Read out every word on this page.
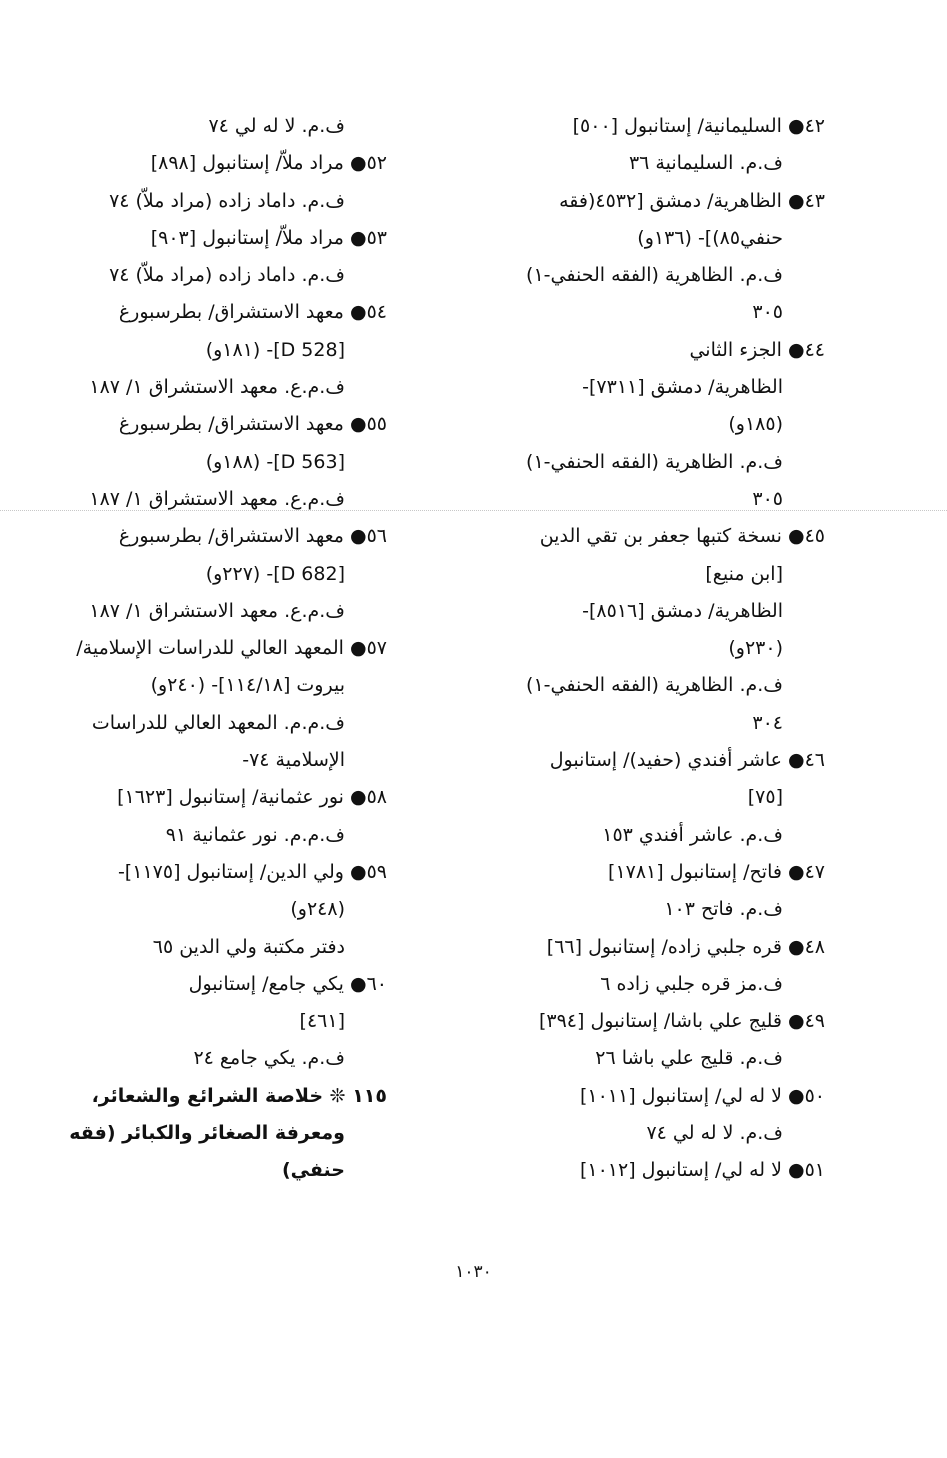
٤٢● السليمانية/ إستانبول [٥٠٠]
ف.م. السليمانية ٣٦
٤٣● الظاهرية/ دمشق [٤٥٣٢(فقه
حنفي٨٥)]- (١٣٦و)
ف.م. الظاهرية (الفقه الحنفي-١)
٣٠٥
٤٤● الجزء الثاني
الظاهرية/ دمشق [٧٣١١]-
(١٨٥و)
ف.م. الظاهرية (الفقه الحنفي-١)
٣٠٥
٤٥● نسخة كتبها جعفر بن تقي الدين
[ابن منيع]
الظاهرية/ دمشق [٨٥١٦]-
(٢٣٠و)
ف.م. الظاهرية (الفقه الحنفي-١)
٣٠٤
٤٦● عاشر أفندي (حفيد)/ إستانبول
[٧٥]
ف.م. عاشر أفندي ١٥٣
٤٧● فاتح/ إستانبول [١٧٨١]
ف.م. فاتح ١٠٣
٤٨● قره جلبي زاده/ إستانبول [٦٦]
ف.مز قره جلبي زاده ٦
٤٩● قليج علي باشا/ إستانبول [٣٩٤]
ف.م. قليج علي باشا ٢٦
٥٠● لا له لي/ إستانبول [١٠١١]
ف.م. لا له لي ٧٤
٥١● لا له لي/ إستانبول [١٠١٢]
ف.م. لا له لي ٧٤
٥٢● مراد ملاّ/ إستانبول [٨٩٨]
ف.م. داماد زاده (مراد ملاّ) ٧٤
٥٣● مراد ملاّ/ إستانبول [٩٠٣]
ف.م. داماد زاده (مراد ملاّ) ٧٤
٥٤● معهد الاستشراق/ بطرسبورغ
[D 528]- (١٨١و)
ف.م.ع. معهد الاستشراق ١/ ١٨٧
٥٥● معهد الاستشراق/ بطرسبورغ
[D 563]- (١٨٨و)
ف.م.ع. معهد الاستشراق ١/ ١٨٧
٥٦● معهد الاستشراق/ بطرسبورغ
[D 682]- (٢٢٧و)
ف.م.ع. معهد الاستشراق ١/ ١٨٧
٥٧● المعهد العالي للدراسات الإسلامية/
بيروت [١١٤/١٨]- (٢٤٠و)
ف.م.م. المعهد العالي للدراسات
الإسلامية ٧٤-
٥٨● نور عثمانية/ إستانبول [١٦٢٣]
ف.م.م. نور عثمانية ٩١
٥٩● ولي الدين/ إستانبول [١١٧٥]-
(٢٤٨و)
دفتر مكتبة ولي الدين ٦٥
٦٠● يكي جامع/ إستانبول
[٤٦١]
ف.م. يكي جامع ٢٤
١١٥ ❊ خلاصة الشرائع والشعائر،
ومعرفة الصغائر والكبائر (فقه
حنفي)
١٠٣٠
